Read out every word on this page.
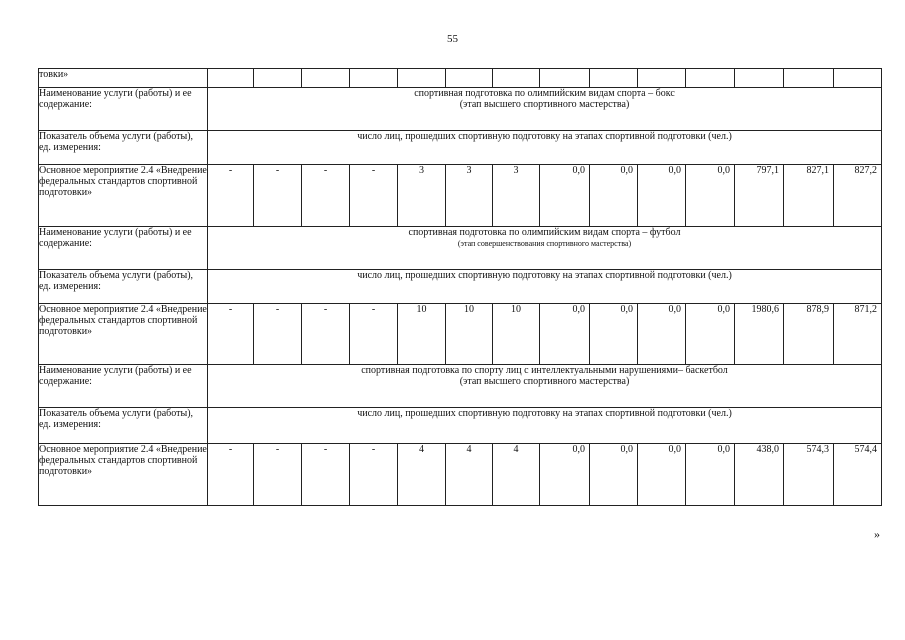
55
товки»														
Наименование услуги (работы) и ее содержание:	спортивная подготовка по олимпийским видам спорта – бокс
(этап высшего спортивного мастерства)													

Показатель объема услуги (работы), ед. измерения:	число лиц, прошедших спортивную подготовку на этапах спортивной подготовки (чел.)													
Основное мероприятие 2.4 «Внедрение федеральных стандартов спортивной подготовки»	-	-	-	-	3	3	3	0,0	0,0	0,0	0,0	797,1	827,1	827,2
Наименование услуги (работы) и ее содержание:	спортивная подготовка по олимпийским видам спорта – футбол
(этап совершенствования спортивного мастерства)													

Показатель объема услуги (работы), ед. измерения:	число лиц, прошедших спортивную подготовку на этапах спортивной подготовки (чел.)													
Основное мероприятие 2.4 «Внедрение федеральных стандартов спортивной подготовки»	-	-	-	-	10	10	10	0,0	0,0	0,0	0,0	1980,6	878,9	871,2
Наименование услуги (работы) и ее содержание:	спортивная подготовка по спорту лиц с интеллектуальными нарушениями– баскетбол
(этап высшего спортивного мастерства)													

Показатель объема услуги (работы), ед. измерения:	число лиц, прошедших спортивную подготовку на этапах спортивной подготовки (чел.)													
Основное мероприятие 2.4 «Внедрение федеральных стандартов спортивной подготовки»	-	-	-	-	4	4	4	0,0	0,0	0,0	0,0	438,0	574,3	574,4
»
